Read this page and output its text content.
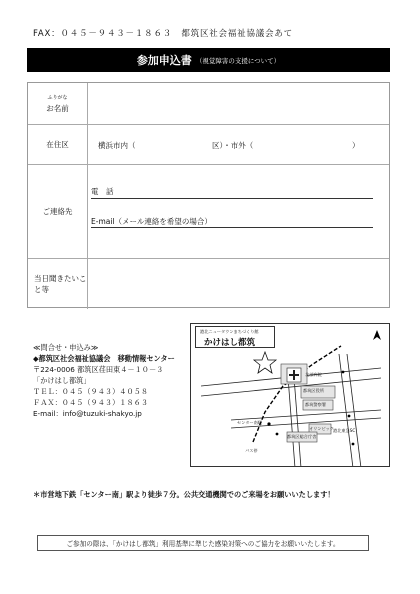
FAX：０４５－９４３－１８６３　都筑区社会福祉協議会あて
参加申込書 （視覚障害の支援について）
ふりがな
お名前
在住区	横浜市内（	区）・市外（	）
ご連絡先
電　話
E-mail（メール連絡を希望の場合）
当日聞きたいこと等
≪問合せ・申込み≫
◆都筑区社会福祉協議会　移動情報センター
〒224-0006 都筑区荏田東４－１０－３
「かけはし都筑」
ＴＥＬ：０４５（９４３）４０５８
ＦＡＸ：０４５（９４３）１８６３
E-mail：info@tuzuki-shakyo.jp
港北ニュータウンまちづくり館
かけはし都筑
北部病院
都筑区役所
センター南駅
都筑警察署
都筑区総合庁舎
オリンピック 港北東急SC
バス停
＊市営地下鉄「センター南」駅より徒歩７分。公共交通機関でのご来場をお願いいたします！
ご参加の際は、「かけはし都筑」利用基準に準じた感染対策へのご協力をお願いいたします。
